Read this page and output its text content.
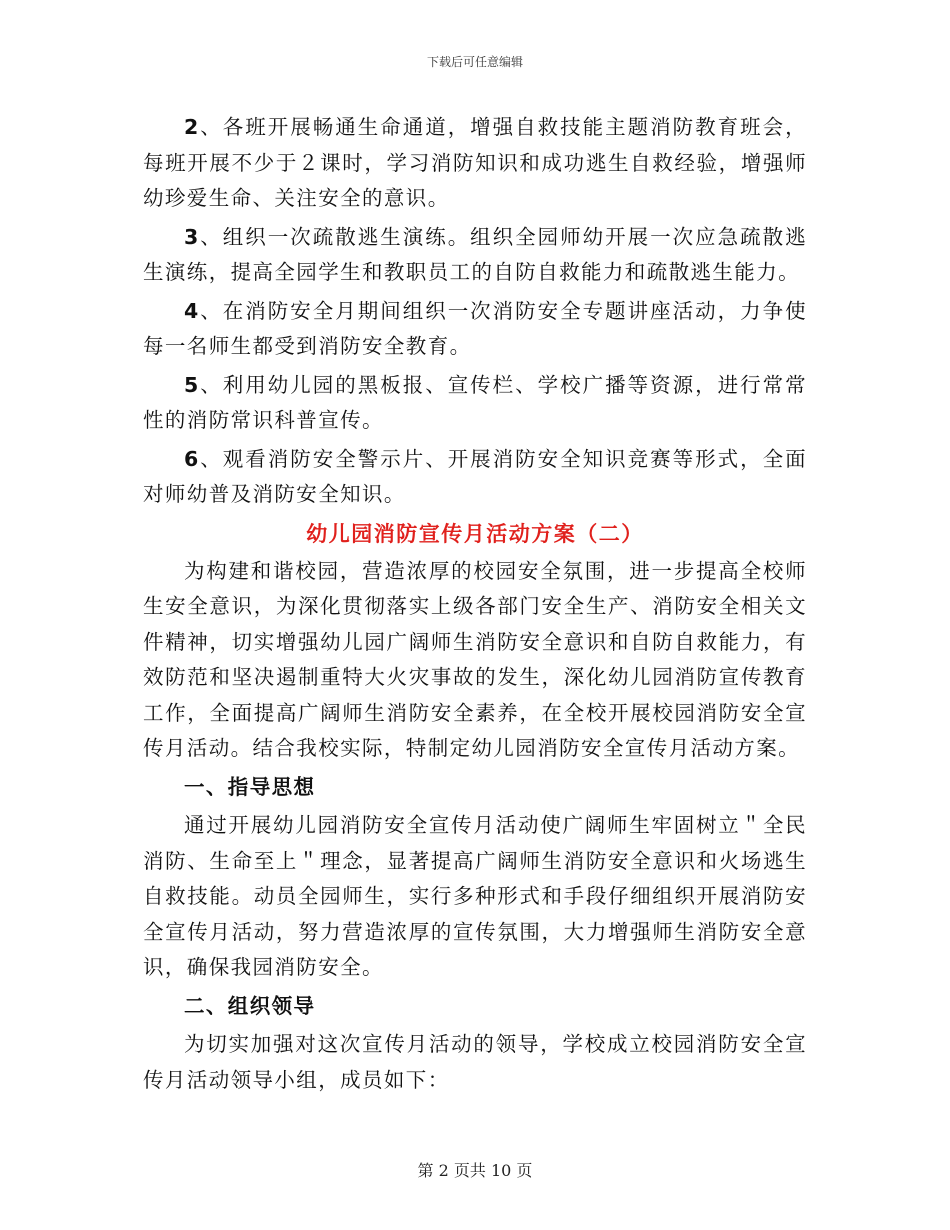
下载后可任意编辑

2、各班开展畅通生命通道，增强自救技能主题消防教育班会，每班开展不少于２课时，学习消防知识和成功逃生自救经验，增强师幼珍爱生命、关注安全的意识。

3、组织一次疏散逃生演练。组织全园师幼开展一次应急疏散逃生演练，提高全园学生和教职员工的自防自救能力和疏散逃生能力。

4、在消防安全月期间组织一次消防安全专题讲座活动，力争使每一名师生都受到消防安全教育。

5、利用幼儿园的黑板报、宣传栏、学校广播等资源，进行常常性的消防常识科普宣传。

6、观看消防安全警示片、开展消防安全知识竞赛等形式，全面对师幼普及消防安全知识。

幼儿园消防宣传月活动方案（二）

为构建和谐校园，营造浓厚的校园安全氛围，进一步提高全校师生安全意识，为深化贯彻落实上级各部门安全生产、消防安全相关文件精神，切实增强幼儿园广阔师生消防安全意识和自防自救能力，有效防范和坚决遏制重特大火灾事故的发生，深化幼儿园消防宣传教育工作，全面提高广阔师生消防安全素养，在全校开展校园消防安全宣传月活动。结合我校实际，特制定幼儿园消防安全宣传月活动方案。

一、指导思想

通过开展幼儿园消防安全宣传月活动使广阔师生牢固树立＂全民消防、生命至上＂理念，显著提高广阔师生消防安全意识和火场逃生自救技能。动员全园师生，实行多种形式和手段仔细组织开展消防安全宣传月活动，努力营造浓厚的宣传氛围，大力增强师生消防安全意识，确保我园消防安全。

二、组织领导

为切实加强对这次宣传月活动的领导，学校成立校园消防安全宣传月活动领导小组，成员如下：

第 2 页共 10 页
